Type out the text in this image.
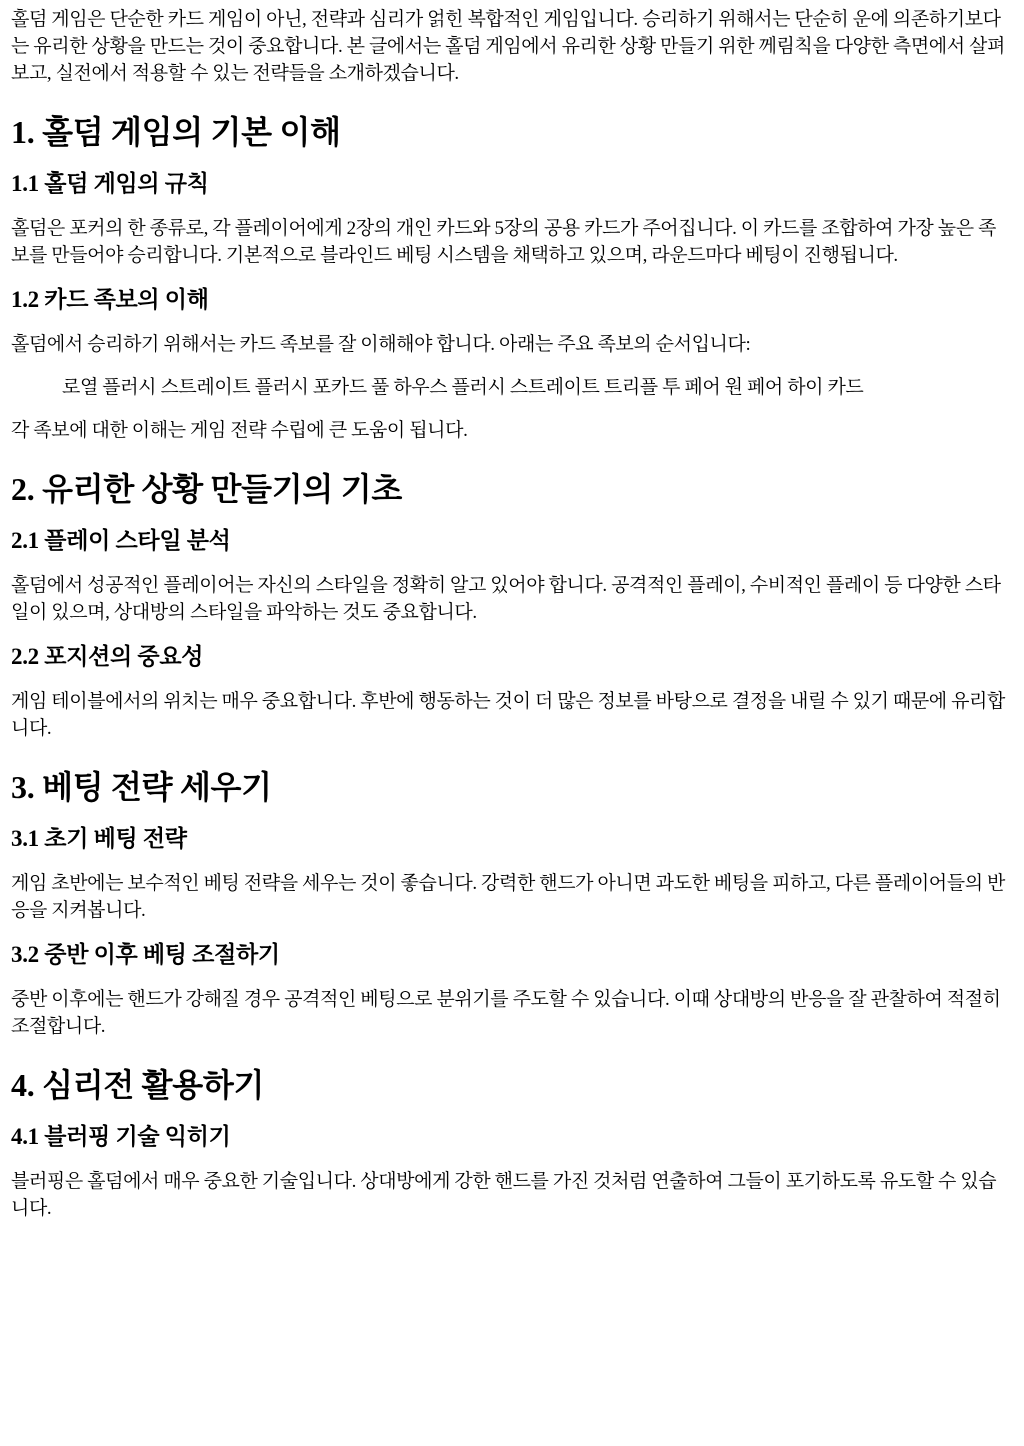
홀덤 게임은 단순한 카드 게임이 아닌, 전략과 심리가 얽힌 복합적인 게임입니다. 승리하기 위해서는 단순히 운에 의존하기보다는 유리한 상황을 만드는 것이 중요합니다. 본 글에서는 홀덤 게임에서 유리한 상황 만들기 위한 께림칙을 다양한 측면에서 살펴보고, 실전에서 적용할 수 있는 전략들을 소개하겠습니다.

1. 홀덤 게임의 기본 이해
1.1 홀덤 게임의 규칙

홀덤은 포커의 한 종류로, 각 플레이어에게 2장의 개인 카드와 5장의 공용 카드가 주어집니다. 이 카드를 조합하여 가장 높은 족보를 만들어야 승리합니다. 기본적으로 블라인드 베팅 시스템을 채택하고 있으며, 라운드마다 베팅이 진행됩니다.

1.2 카드 족보의 이해

홀덤에서 승리하기 위해서는 카드 족보를 잘 이해해야 합니다. 아래는 주요 족보의 순서입니다:

로열 플러시 스트레이트 플러시 포카드 풀 하우스 플러시 스트레이트 트리플 투 페어 원 페어 하이 카드

각 족보에 대한 이해는 게임 전략 수립에 큰 도움이 됩니다.

2. 유리한 상황 만들기의 기초
2.1 플레이 스타일 분석

홀덤에서 성공적인 플레이어는 자신의 스타일을 정확히 알고 있어야 합니다. 공격적인 플레이, 수비적인 플레이 등 다양한 스타일이 있으며, 상대방의 스타일을 파악하는 것도 중요합니다.

2.2 포지션의 중요성

게임 테이블에서의 위치는 매우 중요합니다. 후반에 행동하는 것이 더 많은 정보를 바탕으로 결정을 내릴 수 있기 때문에 유리합니다.

3. 베팅 전략 세우기
3.1 초기 베팅 전략

게임 초반에는 보수적인 베팅 전략을 세우는 것이 좋습니다. 강력한 핸드가 아니면 과도한 베팅을 피하고, 다른 플레이어들의 반응을 지켜봅니다.

3.2 중반 이후 베팅 조절하기

중반 이후에는 핸드가 강해질 경우 공격적인 베팅으로 분위기를 주도할 수 있습니다. 이때 상대방의 반응을 잘 관찰하여 적절히 조절합니다.

4. 심리전 활용하기
4.1 블러핑 기술 익히기

블러핑은 홀덤에서 매우 중요한 기술입니다. 상대방에게 강한 핸드를 가진 것처럼 연출하여 그들이 포기하도록 유도할 수 있습니다.
